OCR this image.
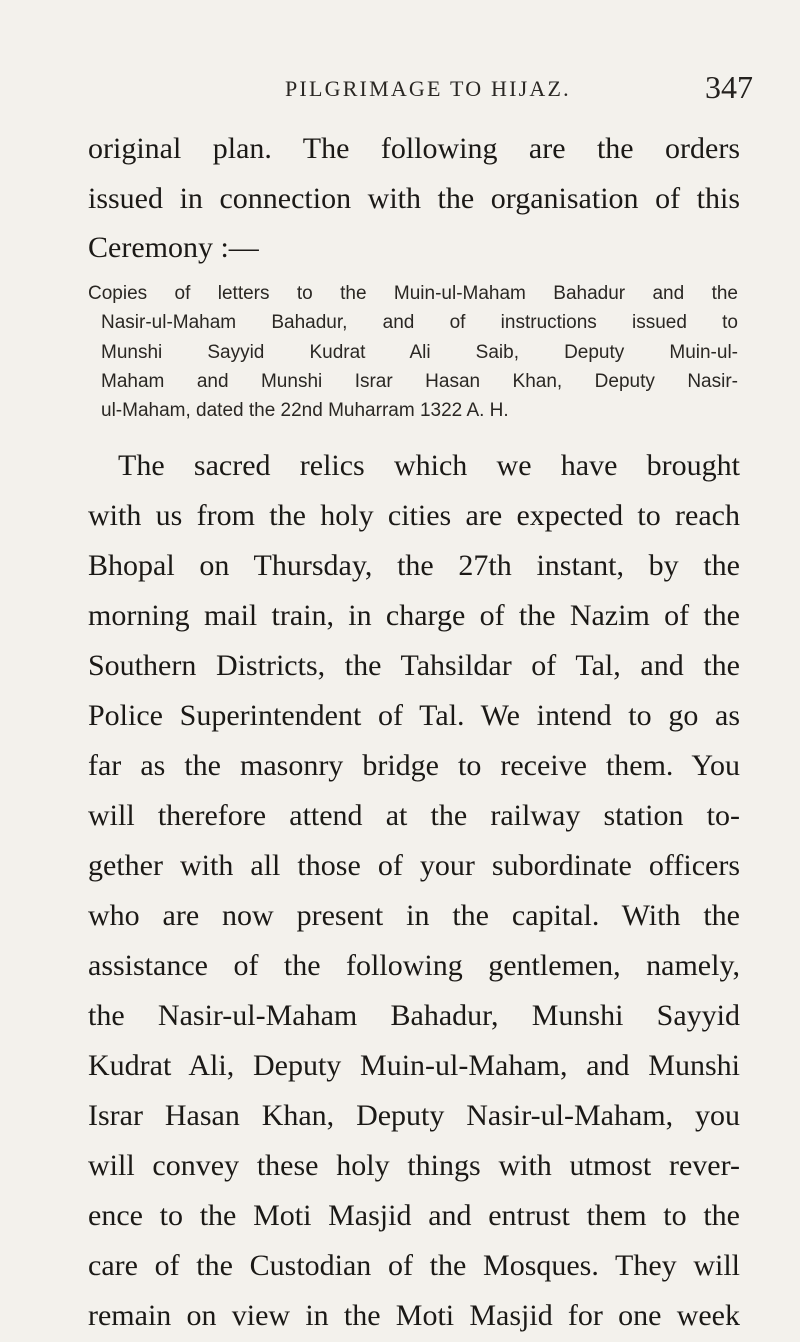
PILGRIMAGE TO HIJAZ.	347
original plan. The following are the orders
issued in connection with the organisation of this
Ceremony :—
Copies of letters to the Muin-ul-Maham Bahadur and the
Nasir-ul-Maham Bahadur, and of instructions issued to
Munshi Sayyid Kudrat Ali Saib, Deputy Muin-ul-
Maham and Munshi Israr Hasan Khan, Deputy Nasir-
ul-Maham, dated the 22nd Muharram 1322 A. H.
The sacred relics which we have brought
with us from the holy cities are expected to reach
Bhopal on Thursday, the 27th instant, by the
morning mail train, in charge of the Nazim of the
Southern Districts, the Tahsildar of Tal, and the
Police Superintendent of Tal. We intend to go as
far as the masonry bridge to receive them. You
will therefore attend at the railway station to-
gether with all those of your subordinate officers
who are now present in the capital. With the
assistance of the following gentlemen, namely,
the Nasir-ul-Maham Bahadur, Munshi Sayyid
Kudrat Ali, Deputy Muin-ul-Maham, and Munshi
Israr Hasan Khan, Deputy Nasir-ul-Maham, you
will convey these holy things with utmost rever-
ence to the Moti Masjid and entrust them to the
care of the Custodian of the Mosques. They will
remain on view in the Moti Masjid for one week
